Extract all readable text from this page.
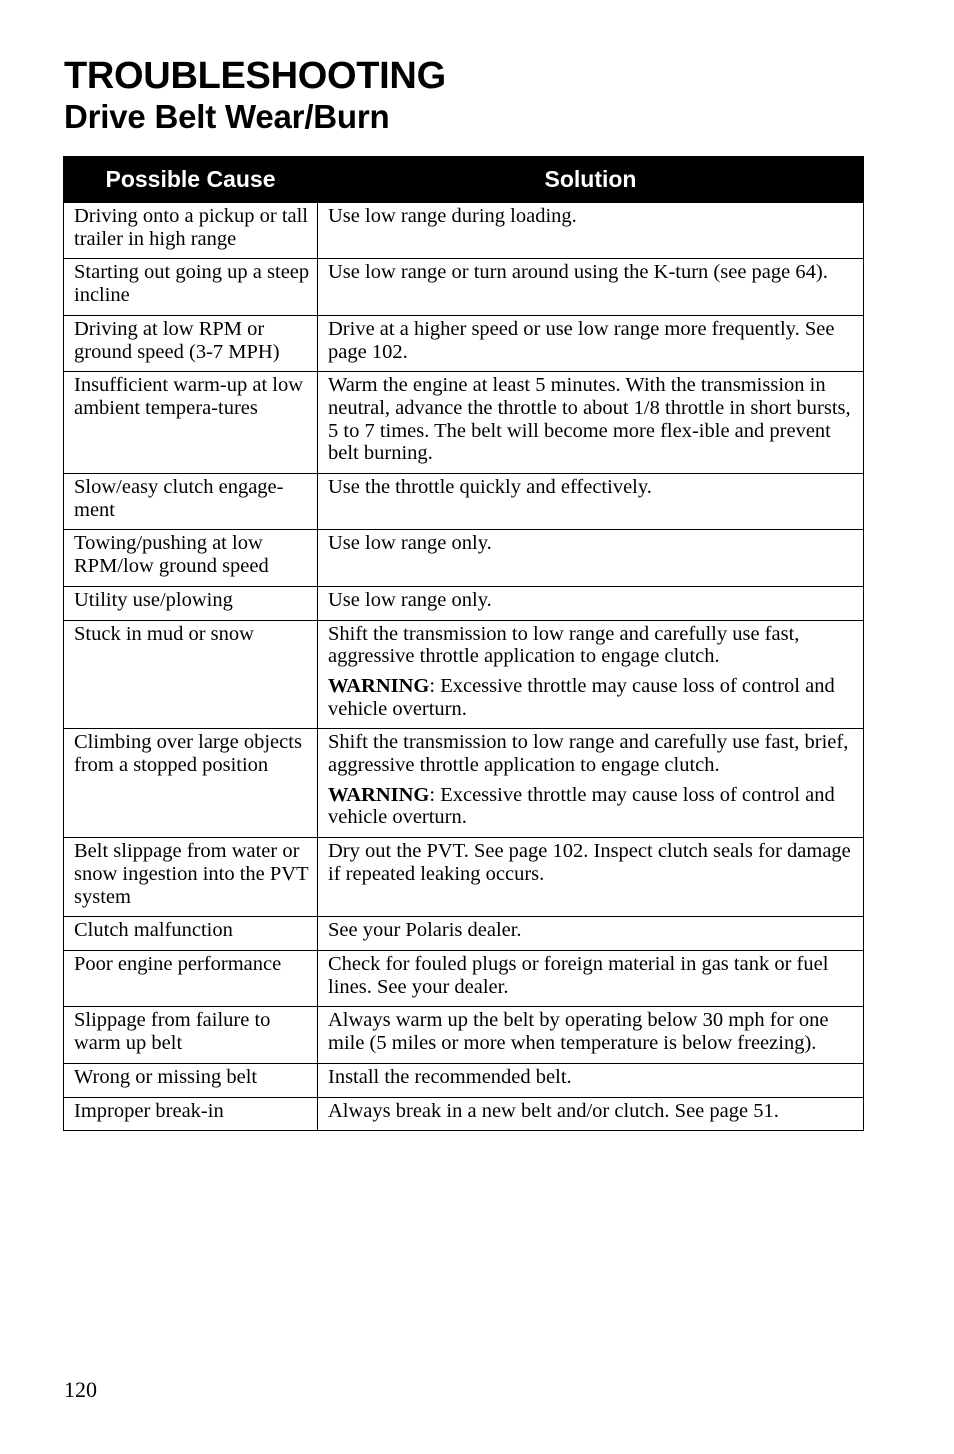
TROUBLESHOOTING
Drive Belt Wear/Burn
Possible Cause	Solution
Driving onto a pickup or tall trailer in high range	Use low range during loading.

Starting out going up a steep incline	Use low range or turn around using the K-turn (see page 64).

Driving at low RPM or ground speed (3-7 MPH)	Drive at a higher speed or use low range more frequently. See page 102.

Insufficient warm-up at low ambient tempera-tures	Warm the engine at least 5 minutes. With the transmission in neutral, advance the throttle to about 1/8 throttle in short bursts, 5 to 7 times. The belt will become more flex-ible and prevent belt burning.

Slow/easy clutch engage-ment	Use the throttle quickly and effectively.

Towing/pushing at low RPM/low ground speed	Use low range only.

Utility use/plowing	Use low range only.

Stuck in mud or snow	Shift the transmission to low range and carefully use fast, aggressive throttle application to engage clutch.

WARNING: Excessive throttle may cause loss of control and vehicle overturn.

Climbing over large objects from a stopped position	Shift the transmission to low range and carefully use fast, brief, aggressive throttle application to engage clutch.

WARNING: Excessive throttle may cause loss of control and vehicle overturn.

Belt slippage from water or snow ingestion into the PVT system	Dry out the PVT. See page 102. Inspect clutch seals for damage if repeated leaking occurs.

Clutch malfunction	See your Polaris dealer.

Poor engine performance	Check for fouled plugs or foreign material in gas tank or fuel lines. See your dealer.

Slippage from failure to warm up belt	Always warm up the belt by operating below 30 mph for one mile (5 miles or more when temperature is below freezing).

Wrong or missing belt	Install the recommended belt.

Improper break-in	Always break in a new belt and/or clutch. See page 51.

120
